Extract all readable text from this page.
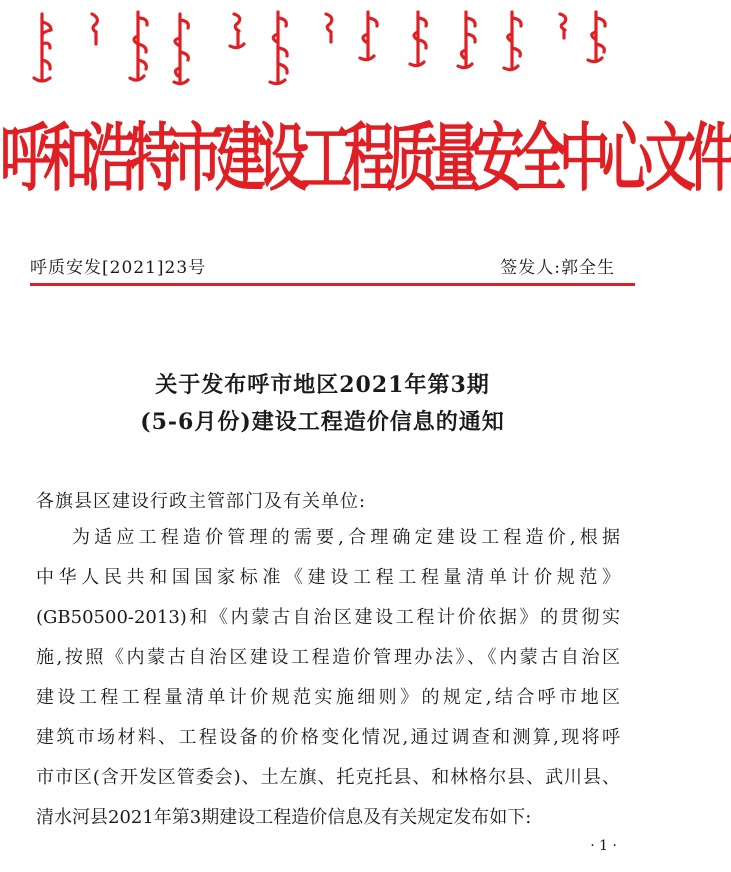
呼和浩特市建设工程质量安全中心文件
呼质安发[2021]23号	签发人:郭全生
关于发布呼市地区2021年第3期
(5-6月份)建设工程造价信息的通知
各旗县区建设行政主管部门及有关单位:
为适应工程造价管理的需要,合理确定建设工程造价,根据
中华人民共和国国家标准《建设工程工程量清单计价规范》
(GB50500-2013)和《内蒙古自治区建设工程计价依据》的贯彻实
施,按照《内蒙古自治区建设工程造价管理办法》、《内蒙古自治区
建设工程工程量清单计价规范实施细则》的规定,结合呼市地区
建筑市场材料、工程设备的价格变化情况,通过调查和测算,现将呼
市市区(含开发区管委会)、土左旗、托克托县、和林格尔县、武川县、
清水河县2021年第3期建设工程造价信息及有关规定发布如下:
· 1 ·
